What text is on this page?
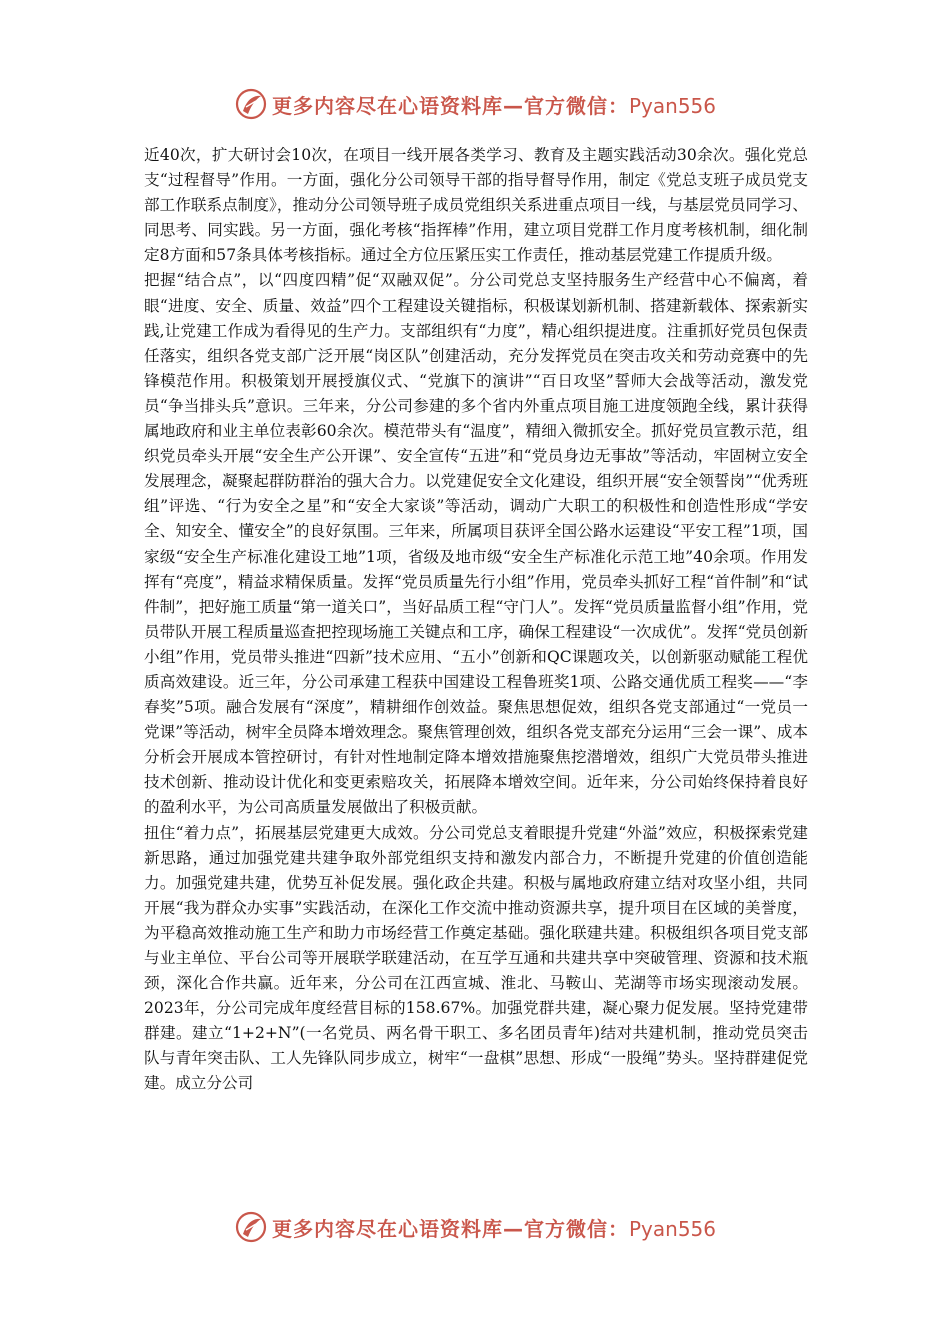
更多内容尽在心语资料库—官方微信：Pyan556

近40次，扩大研讨会10次，在项目一线开展各类学习、教育及主题实践活动30余次。强化党总支“过程督导”作用。一方面，强化分公司领导干部的指导督导作用，制定《党总支班子成员党支部工作联系点制度》，推动分公司领导班子成员党组织关系进重点项目一线，与基层党员同学习、同思考、同实践。另一方面，强化考核“指挥棒”作用，建立项目党群工作月度考核机制，细化制定8方面和57条具体考核指标。通过全方位压紧压实工作责任，推动基层党建工作提质升级。

把握“结合点”，以“四度四精”促“双融双促”。分公司党总支坚持服务生产经营中心不偏离，着眼“进度、安全、质量、效益”四个工程建设关键指标，积极谋划新机制、搭建新载体、探索新实践,让党建工作成为看得见的生产力。支部组织有“力度”，精心组织提进度。注重抓好党员包保责任落实，组织各党支部广泛开展“岗区队”创建活动，充分发挥党员在突击攻关和劳动竞赛中的先锋模范作用。积极策划开展授旗仪式、“党旗下的演讲”“百日攻坚”誓师大会战等活动，激发党员“争当排头兵”意识。三年来，分公司参建的多个省内外重点项目施工进度领跑全线，累计获得属地政府和业主单位表彰60余次。模范带头有“温度”，精细入微抓安全。抓好党员宣教示范，组织党员牵头开展“安全生产公开课”、安全宣传“五进”和“党员身边无事故”等活动，牢固树立安全发展理念，凝聚起群防群治的强大合力。以党建促安全文化建设，组织开展“安全领誓岗”“优秀班组”评选、“行为安全之星”和“安全大家谈”等活动，调动广大职工的积极性和创造性形成“学安全、知安全、懂安全”的良好氛围。三年来，所属项目获评全国公路水运建设“平安工程”1项，国家级“安全生产标准化建设工地”1项，省级及地市级“安全生产标准化示范工地”40余项。作用发挥有“亮度”，精益求精保质量。发挥“党员质量先行小组”作用，党员牵头抓好工程“首件制”和“试件制”，把好施工质量“第一道关口”，当好品质工程“守门人”。发挥“党员质量监督小组”作用，党员带队开展工程质量巡查把控现场施工关键点和工序，确保工程建设“一次成优”。发挥“党员创新小组”作用，党员带头推进“四新”技术应用、“五小”创新和QC课题攻关，以创新驱动赋能工程优质高效建设。近三年，分公司承建工程获中国建设工程鲁班奖1项、公路交通优质工程奖——“李春奖”5项。融合发展有“深度”，精耕细作创效益。聚焦思想促效，组织各党支部通过“一党员一党课”等活动，树牢全员降本增效理念。聚焦管理创效，组织各党支部充分运用“三会一课”、成本分析会开展成本管控研讨，有针对性地制定降本增效措施聚焦挖潜增效，组织广大党员带头推进技术创新、推动设计优化和变更索赔攻关，拓展降本增效空间。近年来，分公司始终保持着良好的盈利水平，为公司高质量发展做出了积极贡献。

扭住“着力点”，拓展基层党建更大成效。分公司党总支着眼提升党建“外溢”效应，积极探索党建新思路，通过加强党建共建争取外部党组织支持和激发内部合力，不断提升党建的价值创造能力。加强党建共建，优势互补促发展。强化政企共建。积极与属地政府建立结对攻坚小组，共同开展“我为群众办实事”实践活动，在深化工作交流中推动资源共享，提升项目在区域的美誉度，为平稳高效推动施工生产和助力市场经营工作奠定基础。强化联建共建。积极组织各项目党支部与业主单位、平台公司等开展联学联建活动，在互学互通和共建共享中突破管理、资源和技术瓶颈，深化合作共赢。近年来，分公司在江西宣城、淮北、马鞍山、芜湖等市场实现滚动发展。2023年，分公司完成年度经营目标的158.67%。加强党群共建，凝心聚力促发展。坚持党建带群建。建立“1+2+N”(一名党员、两名骨干职工、多名团员青年)结对共建机制，推动党员突击队与青年突击队、工人先锋队同步成立，树牢“一盘棋”思想、形成“一股绳”势头。坚持群建促党建。成立分公司

更多内容尽在心语资料库—官方微信：Pyan556
